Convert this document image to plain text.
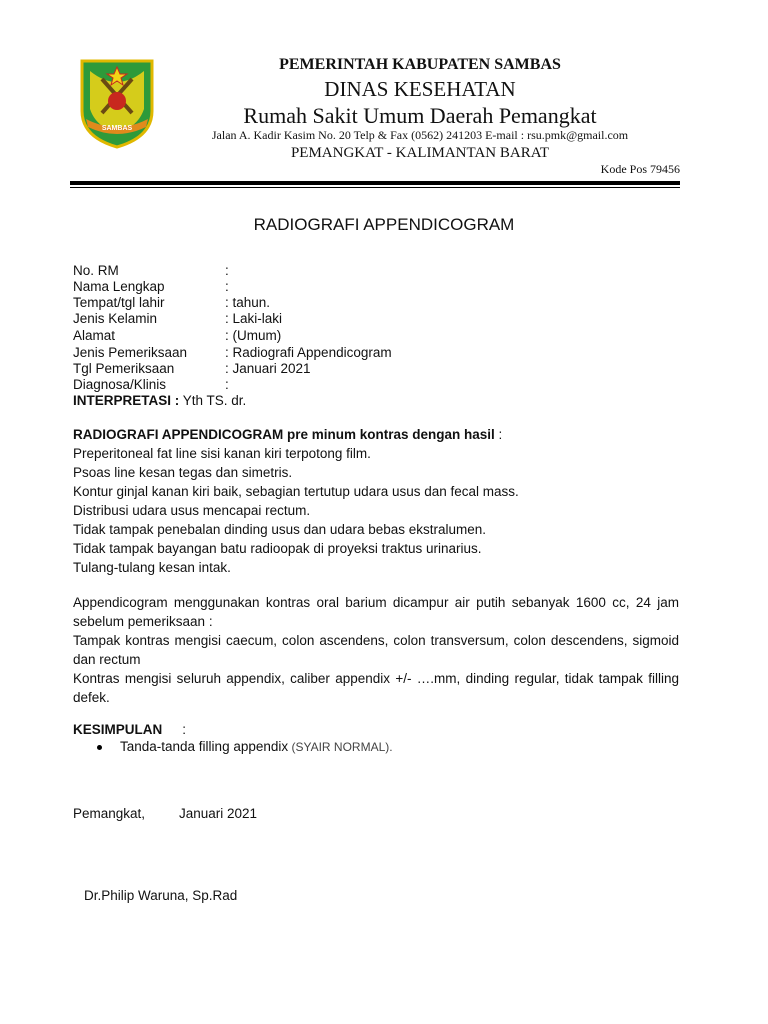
SAMBAS
PEMERINTAH KABUPATEN SAMBAS
DINAS KESEHATAN
Rumah Sakit Umum Daerah Pemangkat
Jalan A. Kadir Kasim No. 20 Telp & Fax (0562) 241203 E-mail : rsu.pmk@gmail.com
PEMANGKAT - KALIMANTAN BARAT
Kode Pos 79456
RADIOGRAFI APPENDICOGRAM
No. RM	:
Nama Lengkap	:
Tempat/tgl lahir	: tahun.
Jenis Kelamin	: Laki-laki
Alamat	: (Umum)
Jenis Pemeriksaan	: Radiografi Appendicogram
Tgl Pemeriksaan	: Januari 2021
Diagnosa/Klinis	:
INTERPRETASI : Yth TS. dr.
RADIOGRAFI APPENDICOGRAM pre minum kontras dengan hasil :
Preperitoneal fat line sisi kanan kiri terpotong film.
Psoas line kesan tegas dan simetris.
Kontur ginjal kanan kiri baik, sebagian tertutup udara usus dan fecal mass.
Distribusi udara usus mencapai rectum.
Tidak tampak penebalan dinding usus dan udara bebas ekstralumen.
Tidak tampak bayangan batu radioopak di proyeksi traktus urinarius.
Tulang-tulang kesan intak.
Appendicogram menggunakan kontras oral barium dicampur air putih sebanyak 1600 cc, 24 jam sebelum pemeriksaan :
Tampak kontras mengisi caecum, colon ascendens, colon transversum, colon descendens, sigmoid dan rectum
Kontras mengisi seluruh appendix, caliber appendix +/- ….mm, dinding regular, tidak tampak filling defek.
KESIMPULAN :
Tanda-tanda filling appendix (SYAIR NORMAL).
Pemangkat,	Januari 2021
Dr.Philip Waruna, Sp.Rad
